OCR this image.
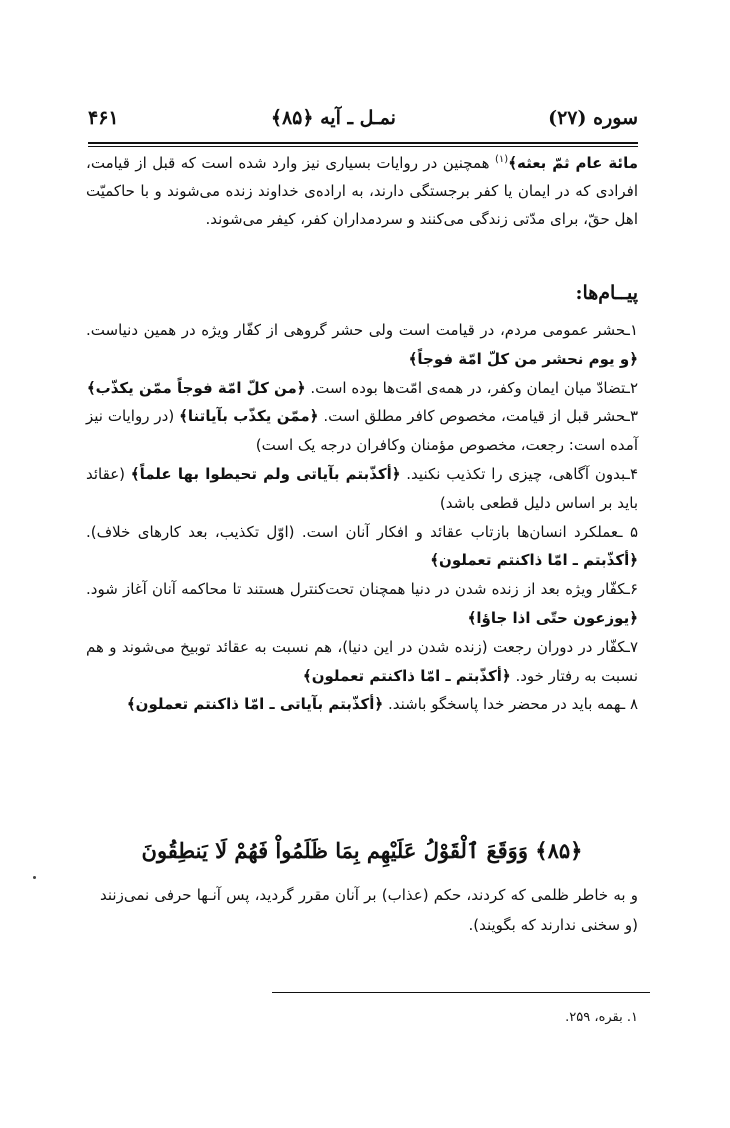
سوره (۲۷)
نمـل ـ آیه ﴿۸۵﴾
۴۶۱

مائة عام ثمّ بعثه﴾$^{(۱)}$ همچنین در روایات بسیاری نیز وارد شده است که قبل از قیامت، افرادی که در ایمان یا کفر برجستگی دارند، به اراده‌ی خداوند زنده می‌شوند و با حاکمیّت اهل حقّ، برای مدّتی زندگی می‌کنند و سردمداران کفر، کیفر می‌شوند.

پیــام‌ها:
۱ـحشر عمومی مردم، در قیامت است ولی حشر گروهی از کفّار ویژه در همین دنیاست. ﴿و یوم نحشر من کلّ امّة فوجاً﴾
۲ـتضادّ میان ایمان وکفر، در همه‌ی امّت‌ها بوده است. ﴿من کلّ امّة فوجاً ممّن یکذّب﴾
۳ـحشر قبل از قیامت، مخصوص کافر مطلق است. ﴿ممّن یکذّب بآیاتنا﴾ (در روایات نیز آمده است: رجعت، مخصوص مؤمنان وکافران درجه یک است)
۴ـبدون آگاهی، چیزی را تکذیب نکنید. ﴿أکذّبتم بآیاتی ولم تحیطوا بها علماً﴾ (عقائد باید بر اساس دلیل قطعی باشد)
۵ ـعملکرد انسان‌ها بازتاب عقائد و افکار آنان است. (اوّل تکذیب، بعد کارهای خلاف). ﴿أکذّبتم ـ امّا ذاکنتم تعملون﴾
۶ـکفّار ویژه بعد از زنده شدن در دنیا همچنان تحت‌کنترل هستند تا محاکمه آنان آغاز شود. ﴿یوزعون حتّی اذا جاؤا﴾
۷ـکفّار در دوران رجعت (زنده شدن در این دنیا)، هم نسبت به عقائد توبیخ می‌شوند و هم نسبت به رفتار خود. ﴿أکذّبتم ـ امّا ذاکنتم تعملون﴾
۸ ـهمه باید در محضر خدا پاسخگو باشند. ﴿أکذّبتم بآیاتی ـ امّا ذاکنتم تعملون﴾
﴿۸۵﴾ وَوَقَعَ ٱلْقَوْلُ عَلَيْهِم بِمَا ظَلَمُواْ فَهُمْ لَا يَنطِقُونَ
و به خاطر ظلمی که کردند، حکم (عذاب) بر آنان مقرر گردید، پس آنـها حرفی نمی‌زنند (و سخنی ندارند که بگویند).
۱. بقره، ۲۵۹.
